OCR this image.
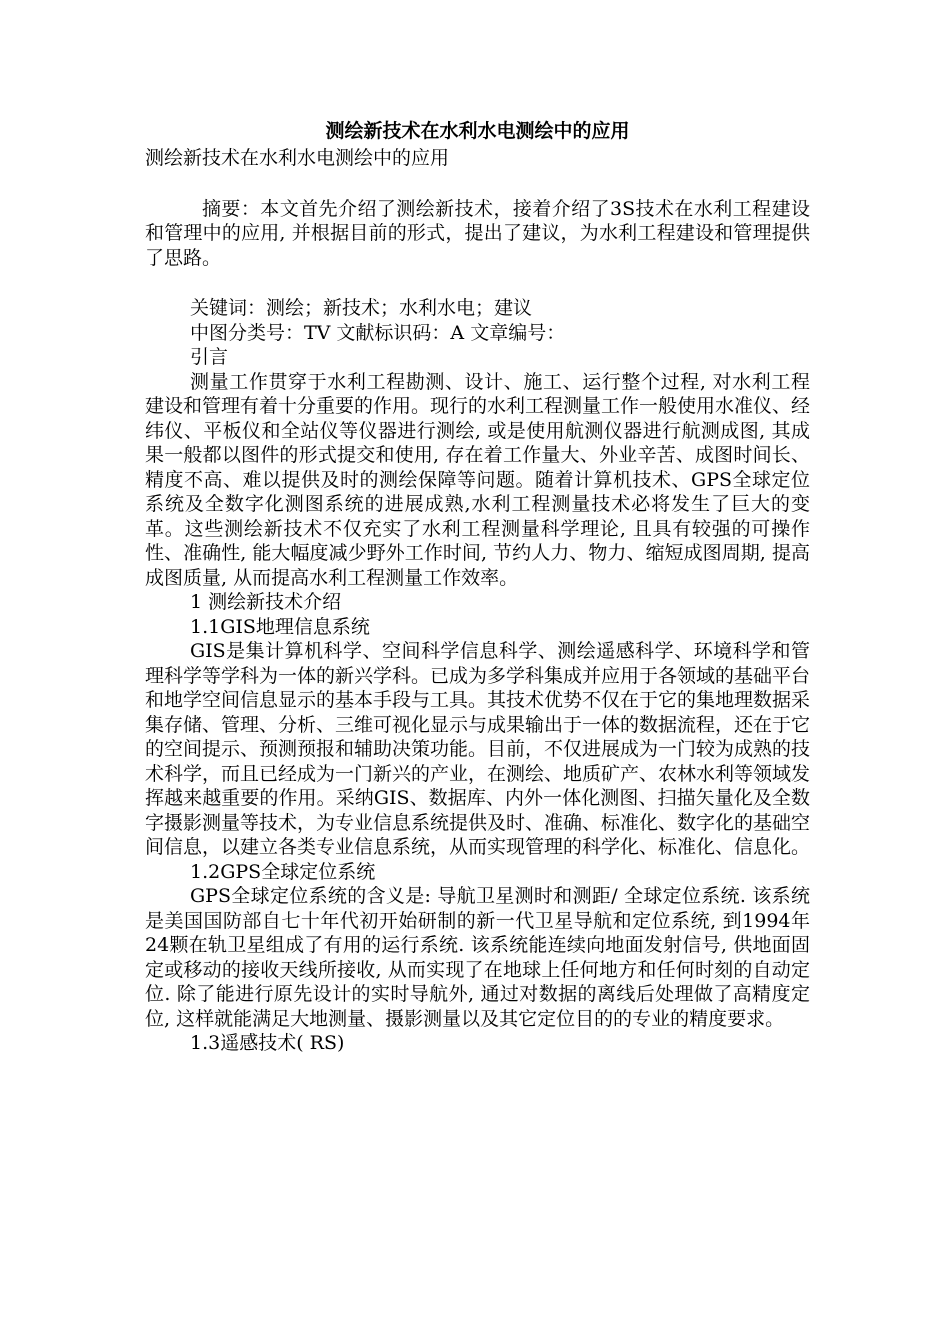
测绘新技术在水利水电测绘中的应用

测绘新技术在水利水电测绘中的应用

摘要：本文首先介绍了测绘新技术，接着介绍了3S技术在水利工程建设和管理中的应用, 并根据目前的形式，提出了建议，为水利工程建设和管理提供了思路。

关键词：测绘；新技术；水利水电；建议

中图分类号：TV 文献标识码：A 文章编号：

引言

测量工作贯穿于水利工程勘测、设计、施工、运行整个过程, 对水利工程建设和管理有着十分重要的作用。现行的水利工程测量工作一般使用水准仪、经纬仪、平板仪和全站仪等仪器进行测绘, 或是使用航测仪器进行航测成图, 其成果一般都以图件的形式提交和使用, 存在着工作量大、外业辛苦、成图时间长、精度不高、难以提供及时的测绘保障等问题。随着计算机技术、GPS全球定位系统及全数字化测图系统的进展成熟,水利工程测量技术必将发生了巨大的变革。这些测绘新技术不仅充实了水利工程测量科学理论, 且具有较强的可操作性、准确性, 能大幅度减少野外工作时间, 节约人力、物力、缩短成图周期, 提高成图质量, 从而提高水利工程测量工作效率。

1 测绘新技术介绍

1.1GIS地理信息系统

GIS是集计算机科学、空间科学信息科学、测绘遥感科学、环境科学和管理科学等学科为一体的新兴学科。已成为多学科集成并应用于各领域的基础平台和地学空间信息显示的基本手段与工具。其技术优势不仅在于它的集地理数据采集存储、管理、分析、三维可视化显示与成果输出于一体的数据流程，还在于它的空间提示、预测预报和辅助决策功能。目前，不仅进展成为一门较为成熟的技术科学，而且已经成为一门新兴的产业，在测绘、地质矿产、农林水利等领域发挥越来越重要的作用。采纳GIS、数据库、内外一体化测图、扫描矢量化及全数字摄影测量等技术，为专业信息系统提供及时、准确、标准化、数字化的基础空间信息，以建立各类专业信息系统，从而实现管理的科学化、标准化、信息化。

1.2GPS全球定位系统

GPS全球定位系统的含义是: 导航卫星测时和测距/ 全球定位系统. 该系统是美国国防部自七十年代初开始研制的新一代卫星导航和定位系统, 到1994年24颗在轨卫星组成了有用的运行系统. 该系统能连续向地面发射信号, 供地面固定或移动的接收天线所接收, 从而实现了在地球上任何地方和任何时刻的自动定位. 除了能进行原先设计的实时导航外, 通过对数据的离线后处理做了高精度定位, 这样就能满足大地测量、摄影测量以及其它定位目的的专业的精度要求。

1.3遥感技术( RS)
